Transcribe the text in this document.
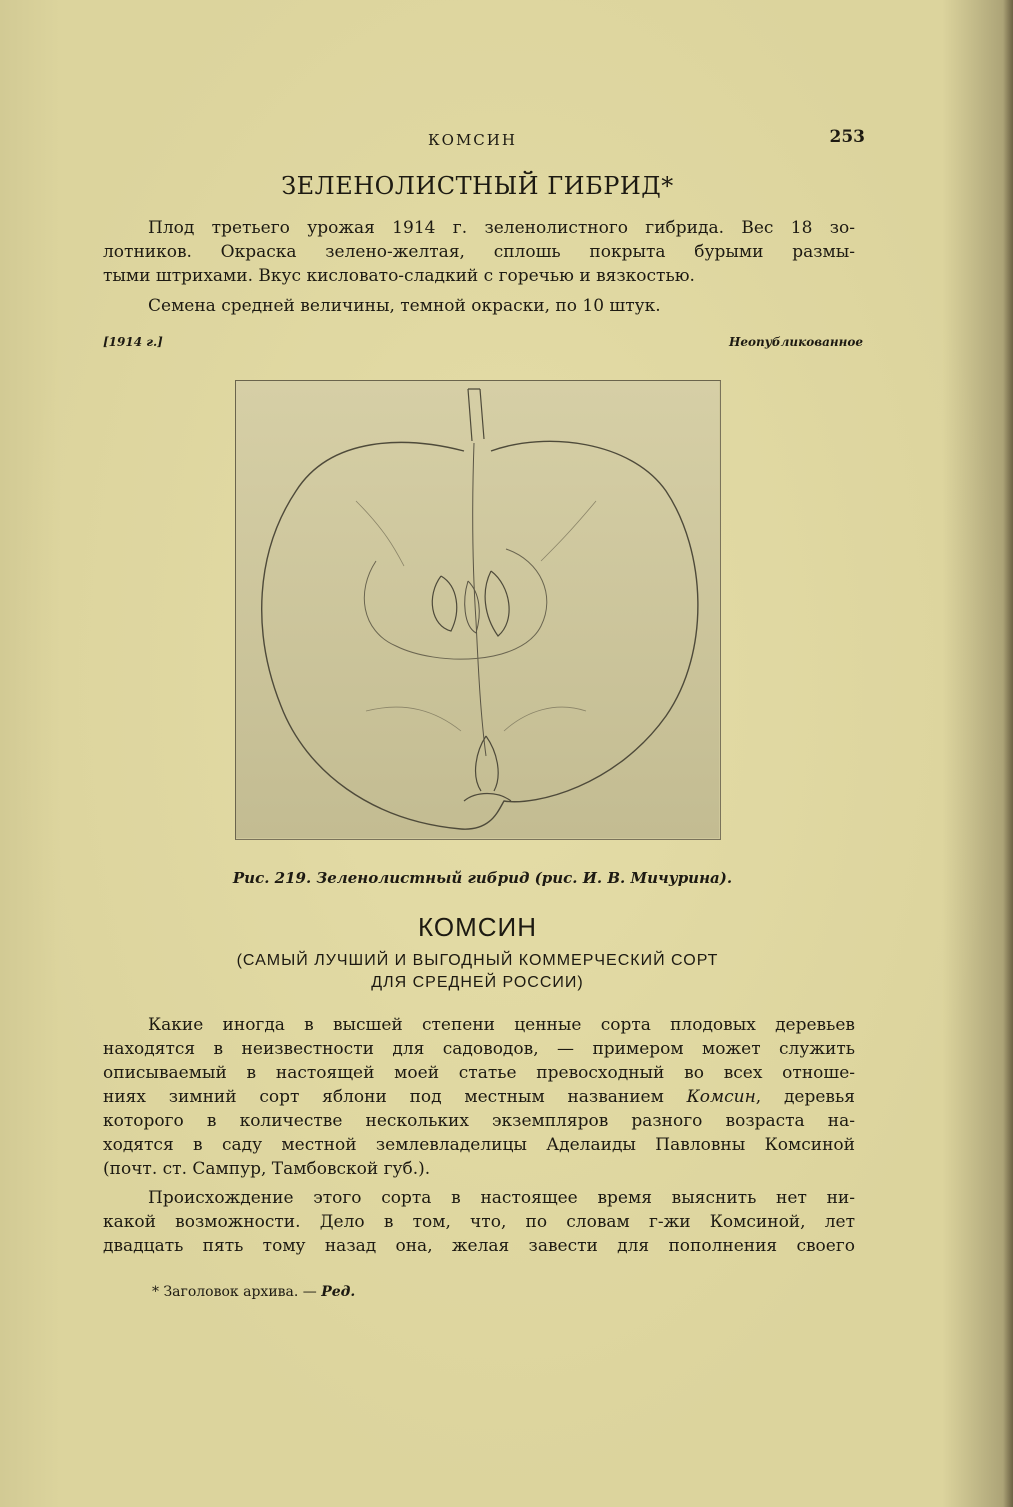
КОМСИН	253
ЗЕЛЕНОЛИСТНЫЙ ГИБРИД*
Плод третьего урожая 1914 г. зеленолистного гибрида. Вес 18 зо-
лотников. Окраска зелено-желтая, сплошь покрыта бурыми размы-
тыми штрихами. Вкус кисловато-сладкий с горечью и вязкостью.
Семена средней величины, темной окраски, по 10 штук.
[1914 г.]	Неопубликованное
Рис. 219. Зеленолистный гибрид (рис. И. В. Мичурина).
КОМСИН
(САМЫЙ ЛУЧШИЙ И ВЫГОДНЫЙ КОММЕРЧЕСКИЙ СОРТ
ДЛЯ СРЕДНЕЙ РОССИИ)
Какие иногда в высшей степени ценные сорта плодовых деревьев
находятся в неизвестности для садоводов, — примером может служить
описываемый в настоящей моей статье превосходный во всех отноше-
ниях зимний сорт яблони под местным названием Комсин, деревья
которого в количестве нескольких экземпляров разного возраста на-
ходятся в саду местной землевладелицы Аделаиды Павловны Комсиной
(почт. ст. Сампур, Тамбовской губ.).
Происхождение этого сорта в настоящее время выяснить нет ни-
какой возможности. Дело в том, что, по словам г-жи Комсиной, лет
двадцать пять тому назад она, желая завести для пополнения своего
* Заголовок архива. — Ред.
